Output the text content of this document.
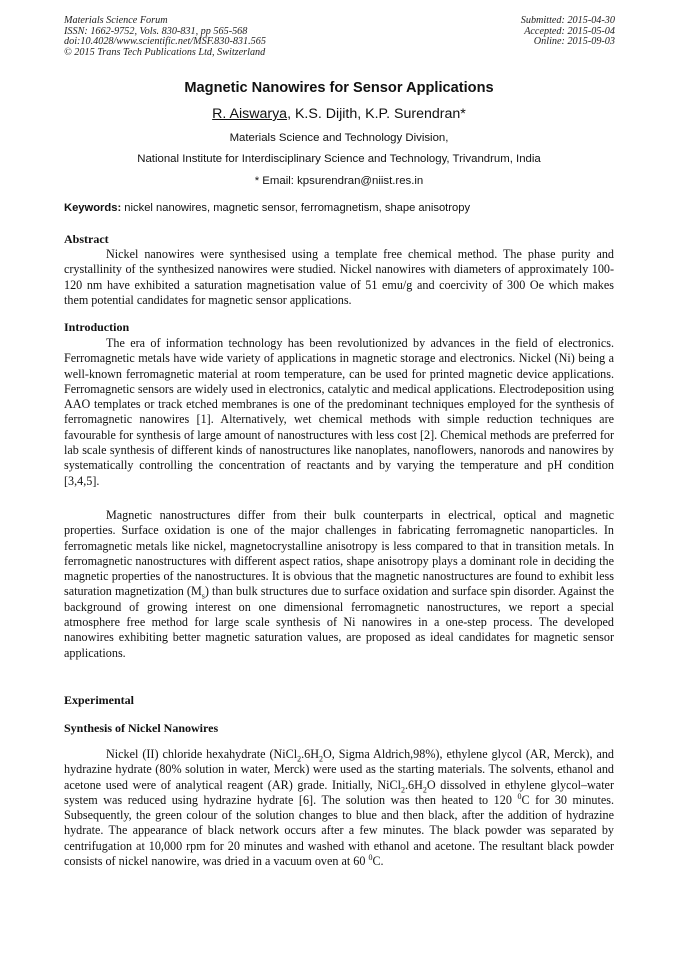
Materials Science Forum
ISSN: 1662-9752, Vols. 830-831, pp 565-568
doi:10.4028/www.scientific.net/MSF.830-831.565
© 2015 Trans Tech Publications Ltd, Switzerland
Submitted: 2015-04-30
Accepted: 2015-05-04
Online: 2015-09-03
Magnetic Nanowires for Sensor Applications
R. Aiswarya, K.S. Dijith, K.P. Surendran*
Materials Science and Technology Division,
National Institute for Interdisciplinary Science and Technology, Trivandrum, India
* Email: kpsurendran@niist.res.in
Keywords: nickel nanowires, magnetic sensor, ferromagnetism, shape anisotropy
Abstract

Nickel nanowires were synthesised using a template free chemical method. The phase purity and crystallinity of the synthesized nanowires were studied. Nickel nanowires with diameters of approximately 100-120 nm have exhibited a saturation magnetisation value of 51 emu/g and coercivity of 300 Oe which makes them potential candidates for magnetic sensor applications.

Introduction

The era of information technology has been revolutionized by advances in the field of electronics. Ferromagnetic metals have wide variety of applications in magnetic storage and electronics. Nickel (Ni) being a well-known ferromagnetic material at room temperature, can be used for printed magnetic device applications. Ferromagnetic sensors are widely used in electronics, catalytic and medical applications. Electrodeposition using AAO templates or track etched membranes is one of the predominant techniques employed for the synthesis of ferromagnetic nanowires [1]. Alternatively, wet chemical methods with simple reduction techniques are favourable for synthesis of large amount of nanostructures with less cost [2]. Chemical methods are preferred for lab scale synthesis of different kinds of nanostructures like nanoplates, nanoflowers, nanorods and nanowires by systematically controlling the concentration of reactants and by varying the temperature and pH condition [3,4,5].

Magnetic nanostructures differ from their bulk counterparts in electrical, optical and magnetic properties. Surface oxidation is one of the major challenges in fabricating ferromagnetic nanoparticles. In ferromagnetic metals like nickel, magnetocrystalline anisotropy is less compared to that in transition metals. In ferromagnetic nanostructures with different aspect ratios, shape anisotropy plays a dominant role in deciding the magnetic properties of the nanostructures. It is obvious that the magnetic nanostructures are found to exhibit less saturation magnetization $(M_s)$ than bulk structures due to surface oxidation and surface spin disorder. Against the background of growing interest on one dimensional ferromagnetic nanostructures, we report a special atmosphere free method for large scale synthesis of Ni nanowires in a one-step process. The developed nanowires exhibiting better magnetic saturation values, are proposed as ideal candidates for magnetic sensor applications.

Experimental
Synthesis of Nickel Nanowires

Nickel (II) chloride hexahydrate ($NiCl_2.6H_2O$, Sigma Aldrich,98%), ethylene glycol (AR, Merck), and hydrazine hydrate (80% solution in water, Merck) were used as the starting materials. The solvents, ethanol and acetone used were of analytical reagent (AR) grade. Initially, $NiCl_2.6H_2O$ dissolved in ethylene glycol–water system was reduced using hydrazine hydrate [6]. The solution was then heated to 120 $^0$C for 30 minutes. Subsequently, the green colour of the solution changes to blue and then black, after the addition of hydrazine hydrate. The appearance of black network occurs after a few minutes. The black powder was separated by centrifugation at 10,000 rpm for 20 minutes and washed with ethanol and acetone. The resultant black powder consists of nickel nanowire, was dried in a vacuum oven at 60 $^0$C.
